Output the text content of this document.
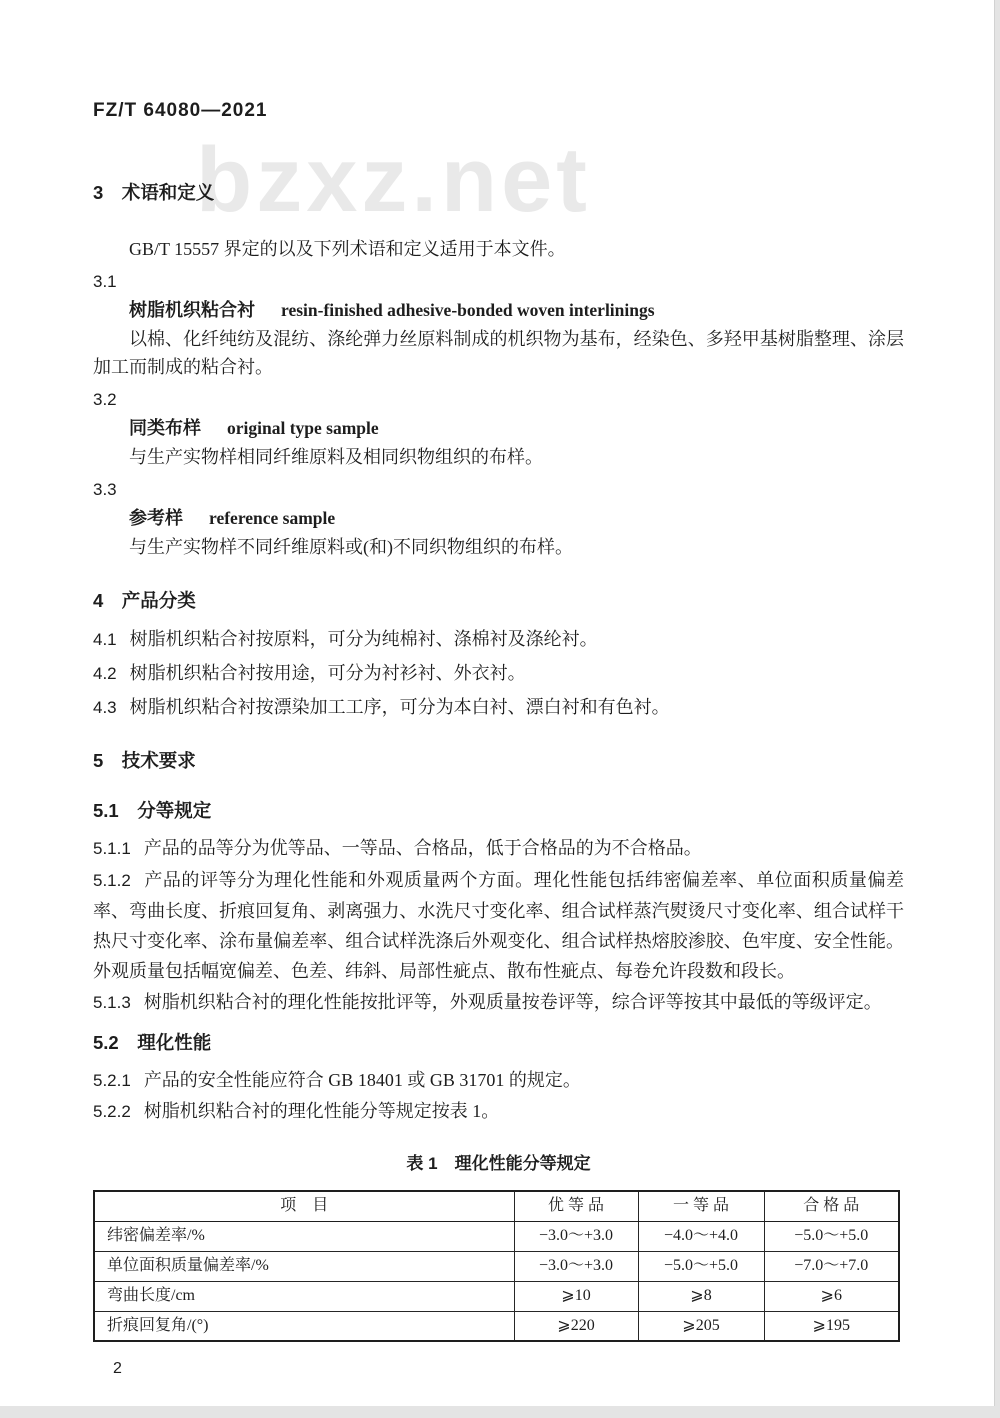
bzxz.net
FZ/T 64080—2021
3　术语和定义

GB/T 15557 界定的以及下列术语和定义适用于本文件。

3.1

树脂机织粘合衬 resin-finished adhesive-bonded woven interlinings

以棉、化纤纯纺及混纺、涤纶弹力丝原料制成的机织物为基布，经染色、多羟甲基树脂整理、涂层加工而制成的粘合衬。

3.2

同类布样 original type sample

与生产实物样相同纤维原料及相同织物组织的布样。

3.3

参考样 reference sample

与生产实物样不同纤维原料或(和)不同织物组织的布样。

4　产品分类

4.1 树脂机织粘合衬按原料，可分为纯棉衬、涤棉衬及涤纶衬。

4.2 树脂机织粘合衬按用途，可分为衬衫衬、外衣衬。

4.3 树脂机织粘合衬按漂染加工工序，可分为本白衬、漂白衬和有色衬。

5　技术要求
5.1　分等规定

5.1.1 产品的品等分为优等品、一等品、合格品，低于合格品的为不合格品。

5.1.2 产品的评等分为理化性能和外观质量两个方面。理化性能包括纬密偏差率、单位面积质量偏差率、弯曲长度、折痕回复角、剥离强力、水洗尺寸变化率、组合试样蒸汽熨烫尺寸变化率、组合试样干热尺寸变化率、涂布量偏差率、组合试样洗涤后外观变化、组合试样热熔胶渗胶、色牢度、安全性能。外观质量包括幅宽偏差、色差、纬斜、局部性疵点、散布性疵点、每卷允许段数和段长。

5.1.3 树脂机织粘合衬的理化性能按批评等，外观质量按卷评等，综合评等按其中最低的等级评定。

5.2　理化性能

5.2.1 产品的安全性能应符合 GB 18401 或 GB 31701 的规定。

5.2.2 树脂机织粘合衬的理化性能分等规定按表 1。

表 1　理化性能分等规定
项　目	优 等 品	一 等 品	合 格 品
纬密偏差率/%	−3.0～+3.0	−4.0～+4.0	−5.0～+5.0
单位面积质量偏差率/%	−3.0～+3.0	−5.0～+5.0	−7.0～+7.0
弯曲长度/cm	⩾10	⩾8	⩾6
折痕回复角/(°)	⩾220	⩾205	⩾195
2
